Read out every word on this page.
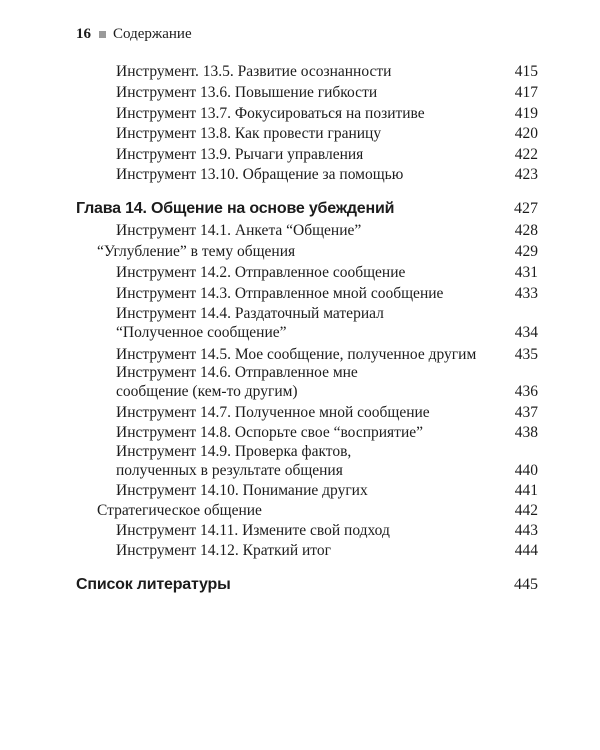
16 Содержание
Инструмент. 13.5. Развитие осознанности	415
Инструмент 13.6. Повышение гибкости	417
Инструмент 13.7. Фокусироваться на позитиве	419
Инструмент 13.8. Как провести границу	420
Инструмент 13.9. Рычаги управления	422
Инструмент 13.10. Обращение за помощью	423
Глава 14. Общение на основе убеждений	427
Инструмент 14.1. Анкета “Общение”	428
“Углубление” в тему общения	429
Инструмент 14.2. Отправленное сообщение	431
Инструмент 14.3. Отправленное мной сообщение	433
Инструмент 14.4. Раздаточный материал “Полученное сообщение”	434
Инструмент 14.5. Мое сообщение, полученное другим 435
Инструмент 14.6. Отправленное мне сообщение (кем-то другим)	436
Инструмент 14.7. Полученное мной сообщение	437
Инструмент 14.8. Оспорьте свое “восприятие”	438
Инструмент 14.9. Проверка фактов, полученных в результате общения	440
Инструмент 14.10. Понимание других	441
Стратегическое общение	442
Инструмент 14.11. Измените свой подход	443
Инструмент 14.12. Краткий итог	444
Список литературы	445
